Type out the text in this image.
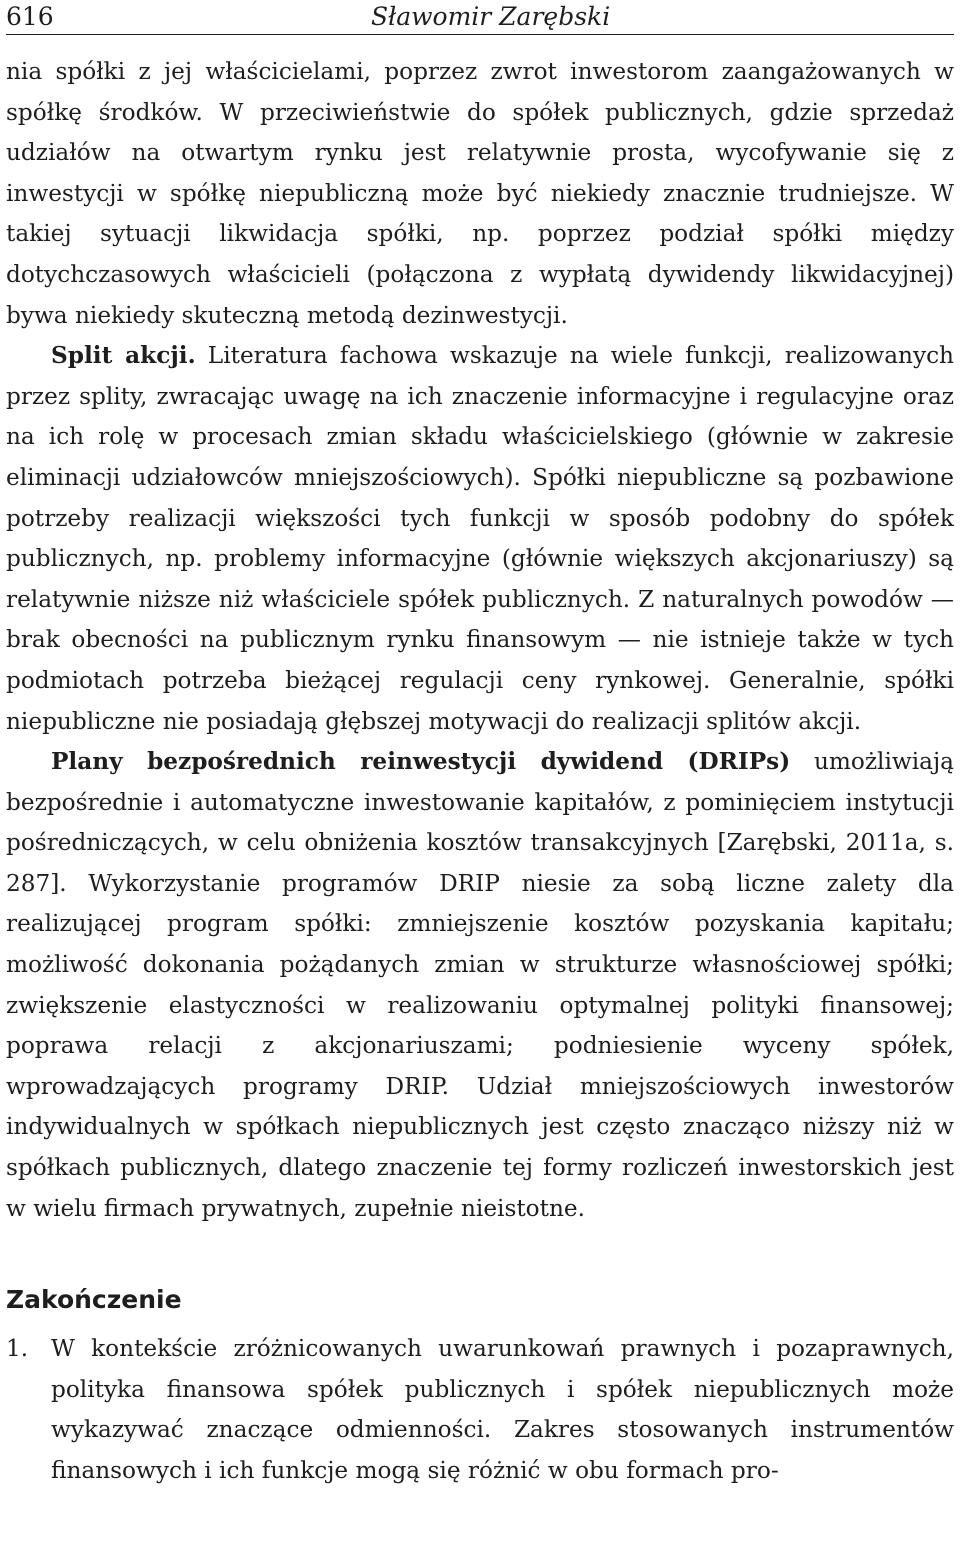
616	Sławomir Zarębski

nia spółki z jej właścicielami, poprzez zwrot inwestorom zaangażowanych w spółkę środków. W przeciwieństwie do spółek publicznych, gdzie sprzedaż udziałów na otwartym rynku jest relatywnie prosta, wycofywanie się z inwestycji w spółkę niepubliczną może być niekiedy znacznie trudniejsze. W takiej sytuacji likwidacja spółki, np. poprzez podział spółki między dotychczasowych właścicieli (połączona z wypłatą dywidendy likwidacyjnej) bywa niekiedy skuteczną metodą dezinwestycji.

Split akcji. Literatura fachowa wskazuje na wiele funkcji, realizowanych przez splity, zwracając uwagę na ich znaczenie informacyjne i regulacyjne oraz na ich rolę w procesach zmian składu właścicielskiego (głównie w zakresie eliminacji udziałowców mniejszościowych). Spółki niepubliczne są pozbawione potrzeby realizacji większości tych funkcji w sposób podobny do spółek publicznych, np. problemy informacyjne (głównie większych akcjonariuszy) są relatywnie niższe niż właściciele spółek publicznych. Z naturalnych powodów — brak obecności na publicznym rynku finansowym — nie istnieje także w tych podmiotach potrzeba bieżącej regulacji ceny rynkowej. Generalnie, spółki niepubliczne nie posiadają głębszej motywacji do realizacji splitów akcji.

Plany bezpośrednich reinwestycji dywidend (DRIPs) umożliwiają bezpośrednie i automatyczne inwestowanie kapitałów, z pominięciem instytucji pośredniczących, w celu obniżenia kosztów transakcyjnych [Zarębski, 2011a, s. 287]. Wykorzystanie programów DRIP niesie za sobą liczne zalety dla realizującej program spółki: zmniejszenie kosztów pozyskania kapitału; możliwość dokonania pożądanych zmian w strukturze własnościowej spółki; zwiększenie elastyczności w realizowaniu optymalnej polityki finansowej; poprawa relacji z akcjonariuszami; podniesienie wyceny spółek, wprowadzających programy DRIP. Udział mniejszościowych inwestorów indywidualnych w spółkach niepublicznych jest często znacząco niższy niż w spółkach publicznych, dlatego znaczenie tej formy rozliczeń inwestorskich jest w wielu firmach prywatnych, zupełnie nieistotne.

Zakończenie
1. W kontekście zróżnicowanych uwarunkowań prawnych i pozaprawnych, polityka finansowa spółek publicznych i spółek niepublicznych może wykazywać znaczące odmienności. Zakres stosowanych instrumentów finansowych i ich funkcje mogą się różnić w obu formach pro-
